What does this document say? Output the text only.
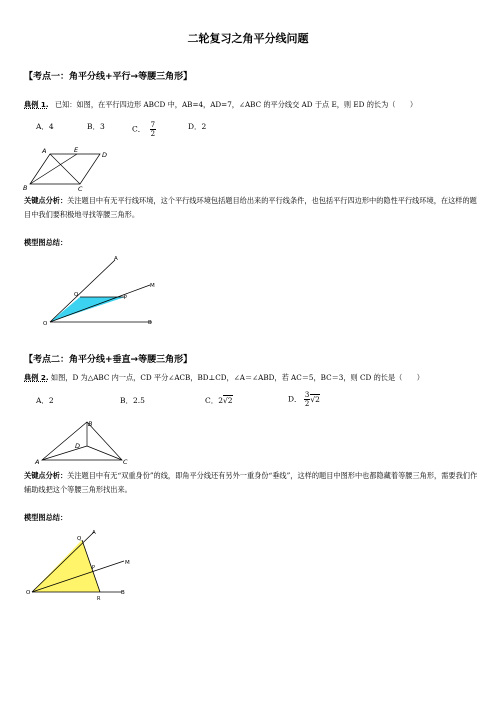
二轮复习之角平分线问题
【考点一：角平分线+平行→等腰三角形】
典例 1. 已知：如图，在平行四边形 ABCD 中，AB=4，AD=7，∠ABC 的平分线交 AD 于点 E，则 ED 的长为（　　）
A．4	B．3	C． $\frac{7}{2}$	D．2
A	E
D
B	C
关键点分析：关注题目中有无平行线环境，这个平行线环境包括题目给出来的平行线条件，也包括平行四边形中的隐性平行线环境，在这样的题目中我们要积极地寻找等腰三角形。
模型图总结：
A
M
Q	P
O	B
【考点二：角平分线+垂直→等腰三角形】
典例 2. 如图，D 为△ABC 内一点，CD 平分∠ACB，BD⊥CD，∠A＝∠ABD，若 AC＝5，BC＝3，则 CD 的长是（　　）
A．2	B．2.5	C．2√2	D． $\frac{3}{2} √2$
B
D
A	C
关键点分析：关注题目中有无“双重身份”的线，即角平分线还有另外一重身份“垂线”，这样的题目中图形中也都隐藏着等腰三角形，需要我们作辅助线把这个等腰三角形找出来。
模型图总结：
A
M
Q
P
O	B
R
